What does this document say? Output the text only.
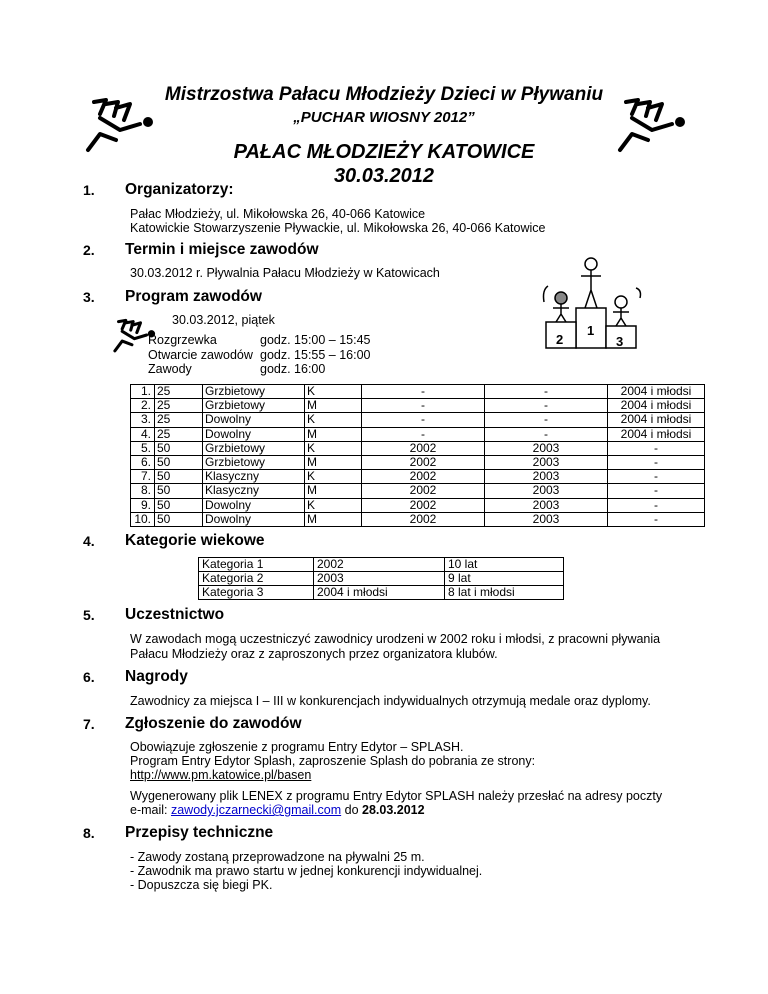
Mistrzostwa Pałacu Młodzieży Dzieci w Pływaniu
„PUCHAR WIOSNY 2012”
PAŁAC MŁODZIEŻY KATOWICE
30.03.2012
1. Organizatorzy:
Pałac Młodzieży, ul. Mikołowska 26, 40-066 Katowice
Katowickie Stowarzyszenie Pływackie, ul. Mikołowska 26, 40-066 Katowice
2. Termin i miejsce zawodów
30.03.2012 r. Pływalnia Pałacu Młodzieży w Katowicach
1
2	3
3. Program zawodów
30.03.2012, piątek
Rozgrzewka	godz. 15:00 – 15:45
Otwarcie zawodów godz. 15:55 – 16:00
Zawody	godz. 16:00
1.	25	Grzbietowy	K	-	-	2004 i młodsi
2.	25	Grzbietowy	M	-	-	2004 i młodsi
3.	25	Dowolny	K	-	-	2004 i młodsi
4.	25	Dowolny	M	-	-	2004 i młodsi
5.	50	Grzbietowy	K	2002	2003	-
6.	50	Grzbietowy	M	2002	2003	-
7.	50	Klasyczny	K	2002	2003	-
8.	50	Klasyczny	M	2002	2003	-
9.	50	Dowolny	K	2002	2003	-
10.	50	Dowolny	M	2002	2003	-
4. Kategorie wiekowe
Kategoria 1	2002	10 lat
Kategoria 2	2003	9 lat
Kategoria 3	2004 i młodsi	8 lat i młodsi
5. Uczestnictwo
W zawodach mogą uczestniczyć zawodnicy urodzeni w 2002 roku i młodsi, z pracowni pływania
Pałacu Młodzieży oraz z zaproszonych przez organizatora klubów.
6. Nagrody
Zawodnicy za miejsca I – III w konkurencjach indywidualnych otrzymują medale oraz dyplomy.
7. Zgłoszenie do zawodów
Obowiązuje zgłoszenie z programu Entry Edytor – SPLASH.
Program Entry Edytor Splash, zaproszenie Splash do pobrania ze strony:
http://www.pm.katowice.pl/basen
Wygenerowany plik LENEX z programu Entry Edytor SPLASH należy przesłać na adresy poczty
e-mail: zawody.jczarnecki@gmail.com do 28.03.2012
8. Przepisy techniczne
- Zawody zostaną przeprowadzone na pływalni 25 m.
- Zawodnik ma prawo startu w jednej konkurencji indywidualnej.
- Dopuszcza się biegi PK.
